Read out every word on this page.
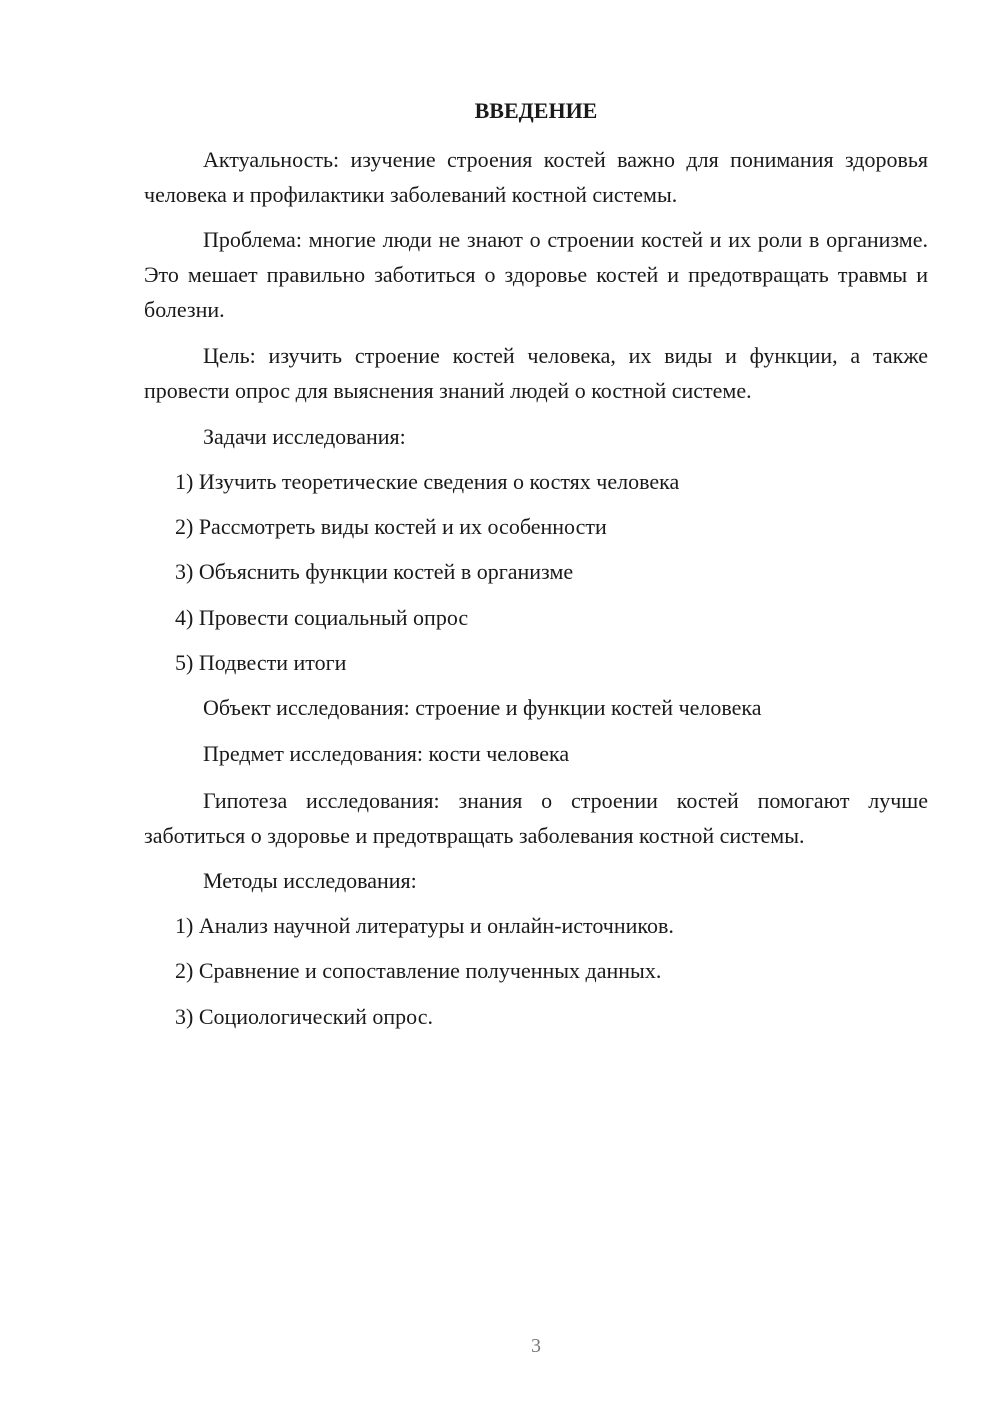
ВВЕДЕНИЕ

Актуальность: изучение строения костей важно для понимания здоровья человека и профилактики заболеваний костной системы.

Проблема: многие люди не знают о строении костей и их роли в организме. Это мешает правильно заботиться о здоровье костей и предотвращать травмы и болезни.

Цель: изучить строение костей человека, их виды и функции, а также провести опрос для выяснения знаний людей о костной системе.

Задачи исследования:
1) Изучить теоретические сведения о костях человека
2) Рассмотреть виды костей и их особенности
3) Объяснить функции костей в организме
4) Провести социальный опрос
5) Подвести итоги
Объект исследования: строение и функции костей человека
Предмет исследования: кости человека

Гипотеза исследования: знания о строении костей помогают лучше заботиться о здоровье и предотвращать заболевания костной системы.

Методы исследования:
1) Анализ научной литературы и онлайн-источников.
2) Сравнение и сопоставление полученных данных.
3) Социологический опрос.
3
